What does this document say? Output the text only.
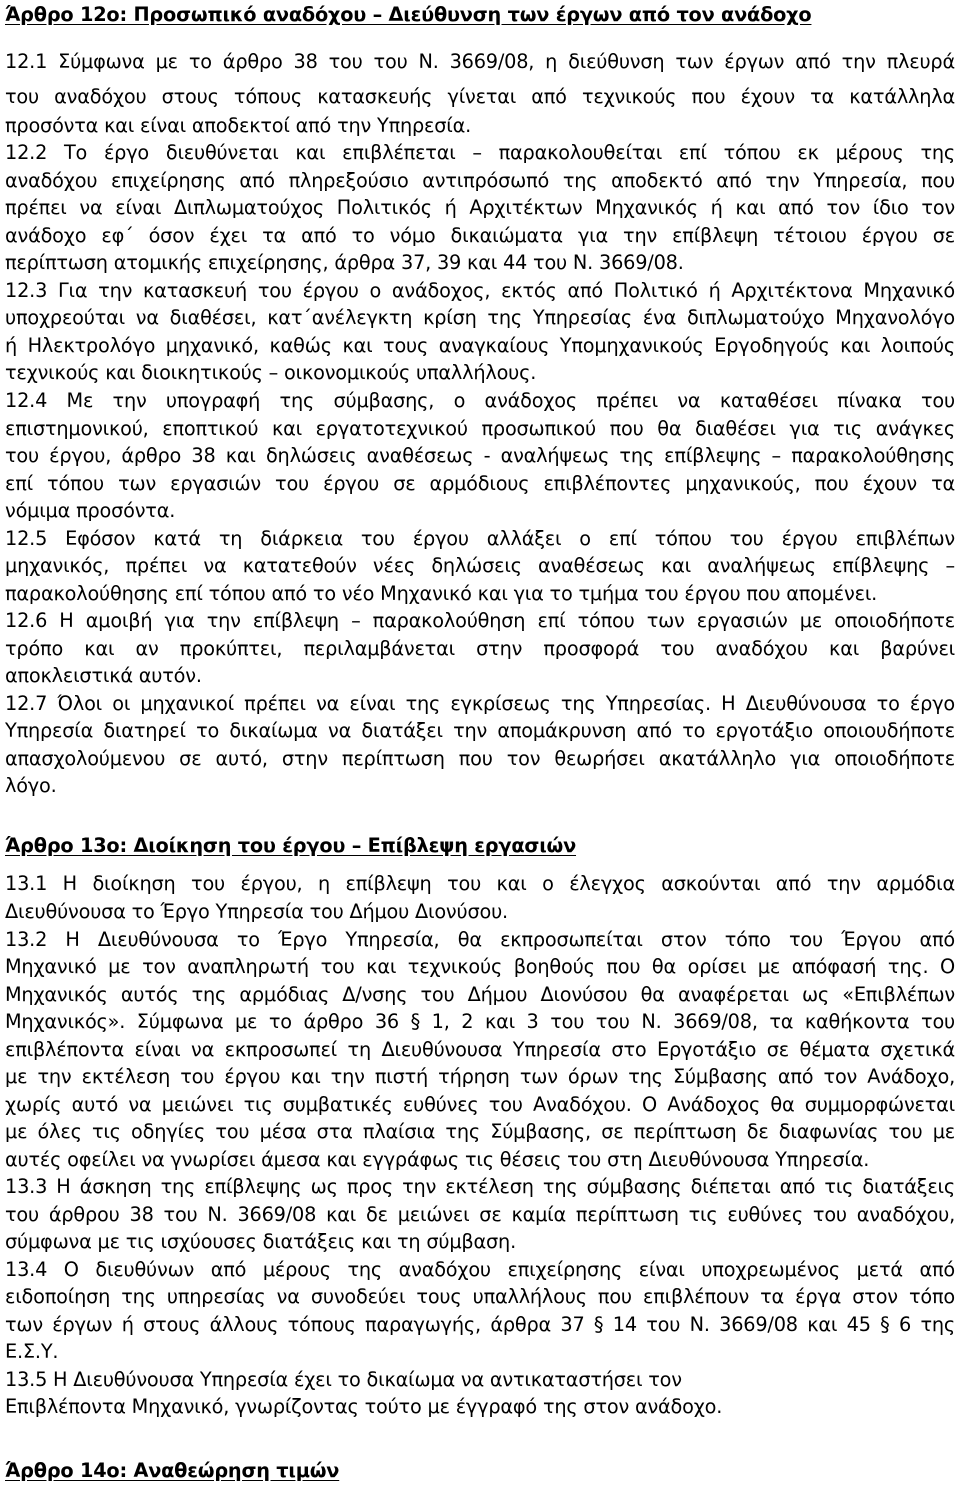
Άρθρο 12ο: Προσωπικό αναδόχου – Διεύθυνση των έργων από τον ανάδοχο
12.1 Σύμφωνα με το άρθρο 38 του του Ν. 3669/08, η διεύθυνση των έργων από την πλευρά
του αναδόχου στους τόπους κατασκευής γίνεται από τεχνικούς που έχουν τα κατάλληλα
προσόντα και είναι αποδεκτοί από την Υπηρεσία.
12.2 Το έργο διευθύνεται και επιβλέπεται – παρακολουθείται επί τόπου εκ μέρους της
αναδόχου επιχείρησης από πληρεξούσιο αντιπρόσωπό της αποδεκτό από την Υπηρεσία, που
πρέπει να είναι Διπλωματούχος Πολιτικός ή Αρχιτέκτων Μηχανικός ή και από τον ίδιο τον
ανάδοχο εφ΄ όσον έχει τα από το νόμο δικαιώματα για την επίβλεψη τέτοιου έργου σε
περίπτωση ατομικής επιχείρησης, άρθρα 37, 39 και 44 του Ν. 3669/08.
12.3 Για την κατασκευή του έργου ο ανάδοχος, εκτός από Πολιτικό ή Αρχιτέκτονα Μηχανικό
υποχρεούται να διαθέσει, κατ΄ανέλεγκτη κρίση της Υπηρεσίας ένα διπλωματούχο Μηχανολόγο
ή Ηλεκτρολόγο μηχανικό, καθώς και τους αναγκαίους Υπομηχανικούς Εργοδηγούς και λοιπούς
τεχνικούς και διοικητικούς – οικονομικούς υπαλλήλους.
12.4 Με την υπογραφή της σύμβασης, ο ανάδοχος πρέπει να καταθέσει πίνακα του
επιστημονικού, εποπτικού και εργατοτεχνικού προσωπικού που θα διαθέσει για τις ανάγκες
του έργου, άρθρο 38 και δηλώσεις αναθέσεως - αναλήψεως της επίβλεψης – παρακολούθησης
επί τόπου των εργασιών του έργου σε αρμόδιους επιβλέποντες μηχανικούς, που έχουν τα
νόμιμα προσόντα.
12.5 Εφόσον κατά τη διάρκεια του έργου αλλάξει ο επί τόπου του έργου επιβλέπων
μηχανικός, πρέπει να κατατεθούν νέες δηλώσεις αναθέσεως και αναλήψεως επίβλεψης –
παρακολούθησης επί τόπου από το νέο Μηχανικό και για το τμήμα του έργου που απομένει.
12.6 Η αμοιβή για την επίβλεψη – παρακολούθηση επί τόπου των εργασιών με οποιοδήποτε
τρόπο και αν προκύπτει, περιλαμβάνεται στην προσφορά του αναδόχου και βαρύνει
αποκλειστικά αυτόν.
12.7 Όλοι οι μηχανικοί πρέπει να είναι της εγκρίσεως της Υπηρεσίας. Η Διευθύνουσα το έργο
Υπηρεσία διατηρεί το δικαίωμα να διατάξει την απομάκρυνση από το εργοτάξιο οποιουδήποτε
απασχολούμενου σε αυτό, στην περίπτωση που τον θεωρήσει ακατάλληλο για οποιοδήποτε
λόγο.
Άρθρο 13ο: Διοίκηση του έργου – Επίβλεψη εργασιών
13.1 Η διοίκηση του έργου, η επίβλεψη του και ο έλεγχος ασκούνται από την αρμόδια
Διευθύνουσα το Έργο Υπηρεσία του Δήμου Διονύσου.
13.2 Η Διευθύνουσα το Έργο Υπηρεσία, θα εκπροσωπείται στον τόπο του Έργου από
Μηχανικό με τον αναπληρωτή του και τεχνικούς βοηθούς που θα ορίσει με απόφασή της. Ο
Μηχανικός αυτός της αρμόδιας Δ/νσης του Δήμου Διονύσου θα αναφέρεται ως «Επιβλέπων
Μηχανικός». Σύμφωνα με το άρθρο 36 § 1, 2 και 3 του του Ν. 3669/08, τα καθήκοντα του
επιβλέποντα είναι να εκπροσωπεί τη Διευθύνουσα Υπηρεσία στο Εργοτάξιο σε θέματα σχετικά
με την εκτέλεση του έργου και την πιστή τήρηση των όρων της Σύμβασης από τον Ανάδοχο,
χωρίς αυτό να μειώνει τις συμβατικές ευθύνες του Αναδόχου. Ο Ανάδοχος θα συμμορφώνεται
με όλες τις οδηγίες του μέσα στα πλαίσια της Σύμβασης, σε περίπτωση δε διαφωνίας του με
αυτές οφείλει να γνωρίσει άμεσα και εγγράφως τις θέσεις του στη Διευθύνουσα Υπηρεσία.
13.3 Η άσκηση της επίβλεψης ως προς την εκτέλεση της σύμβασης διέπεται από τις διατάξεις
του άρθρου 38 του Ν. 3669/08 και δε μειώνει σε καμία περίπτωση τις ευθύνες του αναδόχου,
σύμφωνα με τις ισχύουσες διατάξεις και τη σύμβαση.
13.4 Ο διευθύνων από μέρους της αναδόχου επιχείρησης είναι υποχρεωμένος μετά από
ειδοποίηση της υπηρεσίας να συνοδεύει τους υπαλλήλους που επιβλέπουν τα έργα στον τόπο
των έργων ή στους άλλους τόπους παραγωγής, άρθρα 37 § 14 του Ν. 3669/08 και 45 § 6 της
Ε.Σ.Υ.
13.5 Η Διευθύνουσα Υπηρεσία έχει το δικαίωμα να αντικαταστήσει τον
Επιβλέποντα Μηχανικό, γνωρίζοντας τούτο με έγγραφό της στον ανάδοχο.
Άρθρο 14ο: Αναθεώρηση τιμών
